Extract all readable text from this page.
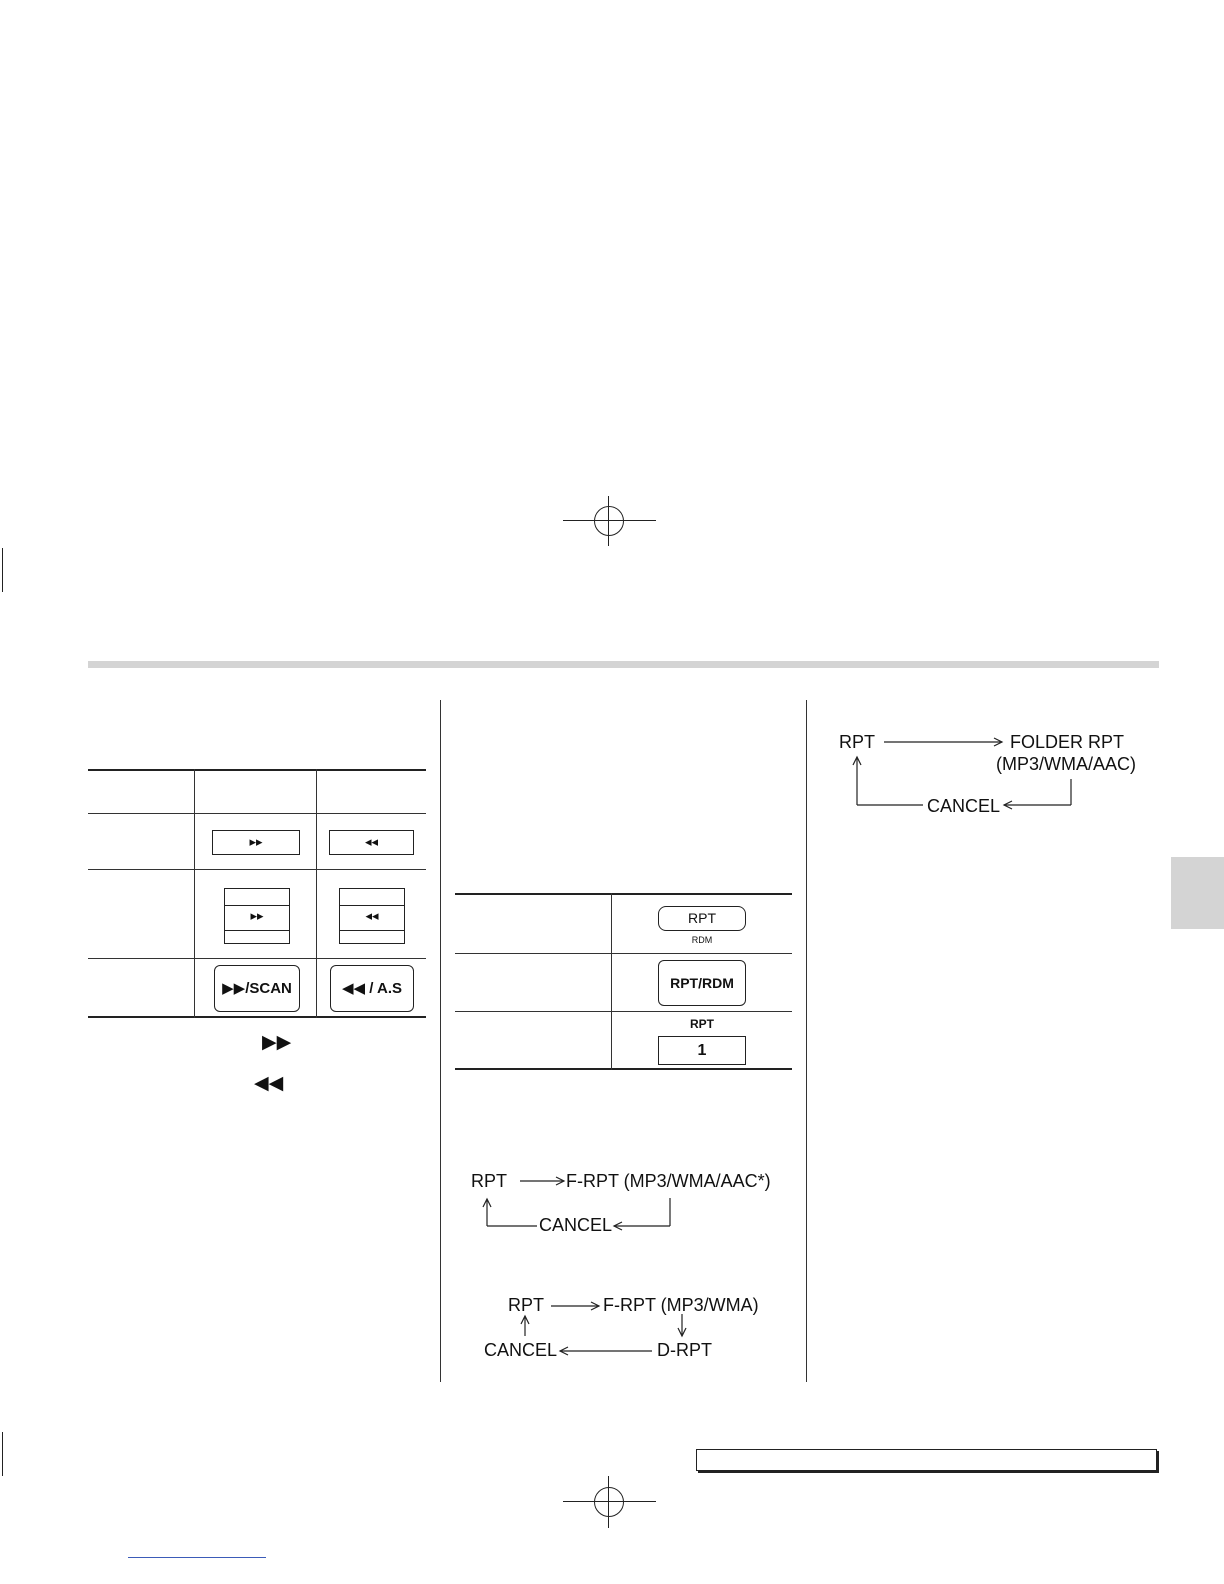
▸▸	◂◂
▸▸	◂◂
▶▶/SCAN	◀◀ / A.S
▶▶
◀◀
RPT
RDM
RPT/RDM
RPT
1
RPT	F-RPT (MP3/WMA/AAC*)
CANCEL
RPT	F-RPT (MP3/WMA)
D-RPT
CANCEL
RPT	FOLDER RPT
(MP3/WMA/AAC)
CANCEL
